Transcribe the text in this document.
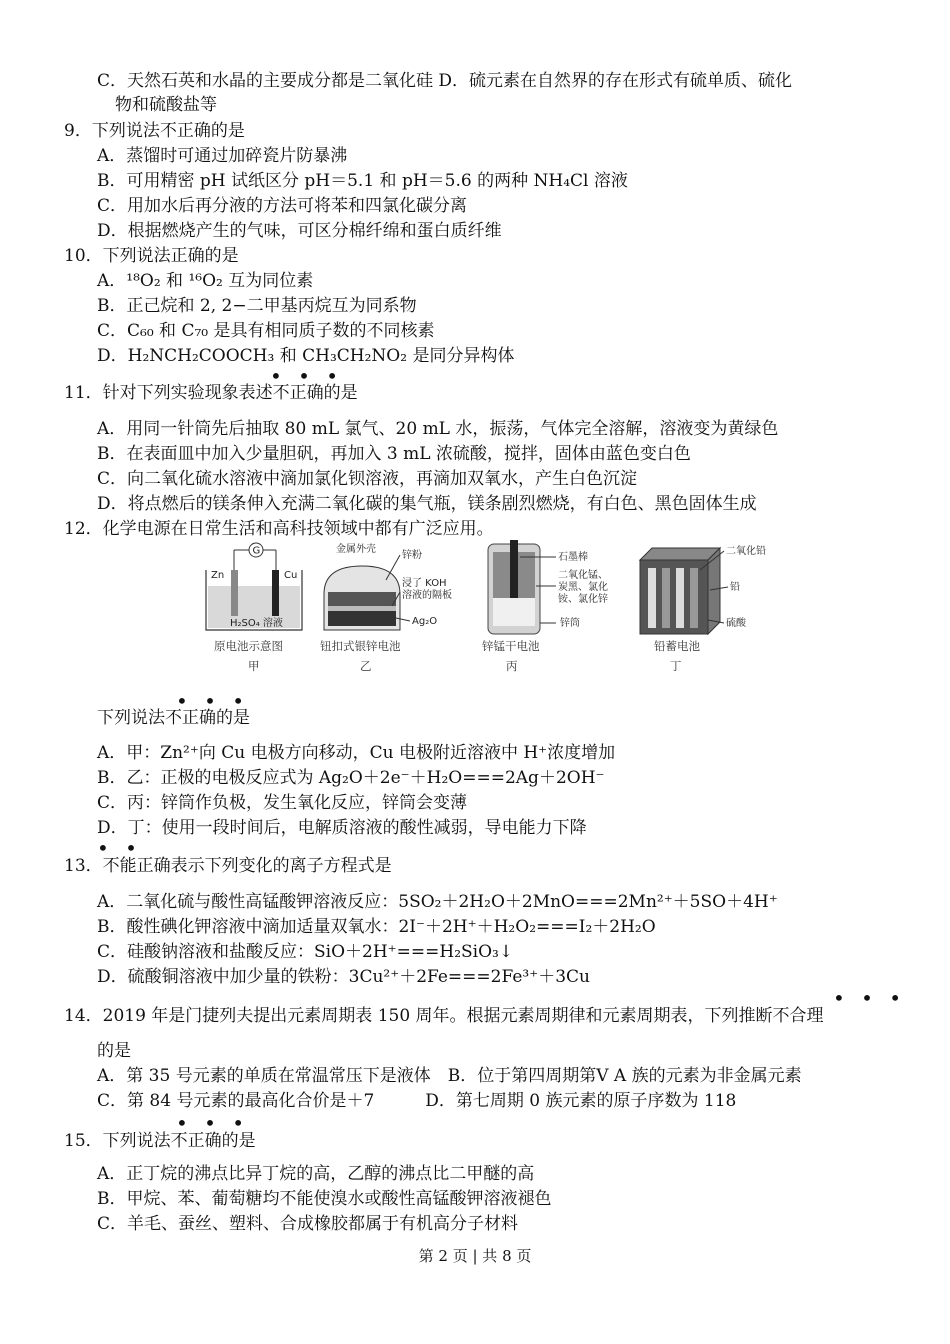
C．天然石英和水晶的主要成分都是二氧化硅 D．硫元素在自然界的存在形式有硫单质、硫化
物和硫酸盐等
9．下列说法不正确的是
A．蒸馏时可通过加碎瓷片防暴沸
B．可用精密 pH 试纸区分 pH＝5.1 和 pH＝5.6 的两种 NH₄Cl 溶液
C．用加水后再分液的方法可将苯和四氯化碳分离
D．根据燃烧产生的气味，可区分棉纤绵和蛋白质纤维
10．下列说法正确的是
A．¹⁸O₂ 和 ¹⁶O₂ 互为同位素
B．正己烷和 2, 2−二甲基丙烷互为同系物
C．C₆₀ 和 C₇₀ 是具有相同质子数的不同核素
D．H₂NCH₂COOCH₃ 和 CH₃CH₂NO₂ 是同分异构体
• • •
11．针对下列实验现象表述不正确的是
A．用同一针筒先后抽取 80 mL 氯气、20 mL 水，振荡，气体完全溶解，溶液变为黄绿色
B．在表面皿中加入少量胆矾，再加入 3 mL 浓硫酸，搅拌，固体由蓝色变白色
C．向二氧化硫水溶液中滴加氯化钡溶液，再滴加双氧水，产生白色沉淀
D．将点燃后的镁条伸入充满二氧化碳的集气瓶，镁条剧烈燃烧，有白色、黑色固体生成
12．化学电源在日常生活和高科技领域中都有广泛应用。
G
Zn	Cu
H₂SO₄ 溶液
原电池示意图
甲
金属外壳
锌粉
浸了 KOH
溶液的隔板
Ag₂O
钮扣式银锌电池
乙
石墨棒
二氧化锰、
炭黑、氯化
铵、氯化锌
锌筒
锌锰干电池
丙
二氧化铅
铅
硫酸
铅蓄电池
丁
• • •
下列说法不正确的是
A．甲：Zn²⁺向 Cu 电极方向移动，Cu 电极附近溶液中 H⁺浓度增加
B．乙：正极的电极反应式为 Ag₂O＋2e⁻＋H₂O===2Ag＋2OH⁻
C．丙：锌筒作负极，发生氧化反应，锌筒会变薄
D．丁：使用一段时间后，电解质溶液的酸性减弱，导电能力下降
• •
13．不能正确表示下列变化的离子方程式是
A．二氧化硫与酸性高锰酸钾溶液反应：5SO₂＋2H₂O＋2MnO===2Mn²⁺＋5SO＋4H⁺
B．酸性碘化钾溶液中滴加适量双氧水：2I⁻＋2H⁺＋H₂O₂===I₂＋2H₂O
C．硅酸钠溶液和盐酸反应：SiO＋2H⁺===H₂SiO₃↓
D．硫酸铜溶液中加少量的铁粉：3Cu²⁺＋2Fe===2Fe³⁺＋3Cu
• • •
14．2019 年是门捷列夫提出元素周期表 150 周年。根据元素周期律和元素周期表，下列推断不合理
的是
A．第 35 号元素的单质在常温常压下是液体　B．位于第四周期第Ⅴ A 族的元素为非金属元素
C．第 84 号元素的最高化合价是＋7　　　D．第七周期 0 族元素的原子序数为 118
• • •
15．下列说法不正确的是
A．正丁烷的沸点比异丁烷的高，乙醇的沸点比二甲醚的高
B．甲烷、苯、葡萄糖均不能使溴水或酸性高锰酸钾溶液褪色
C．羊毛、蚕丝、塑料、合成橡胶都属于有机高分子材料
第 2 页 | 共 8 页
